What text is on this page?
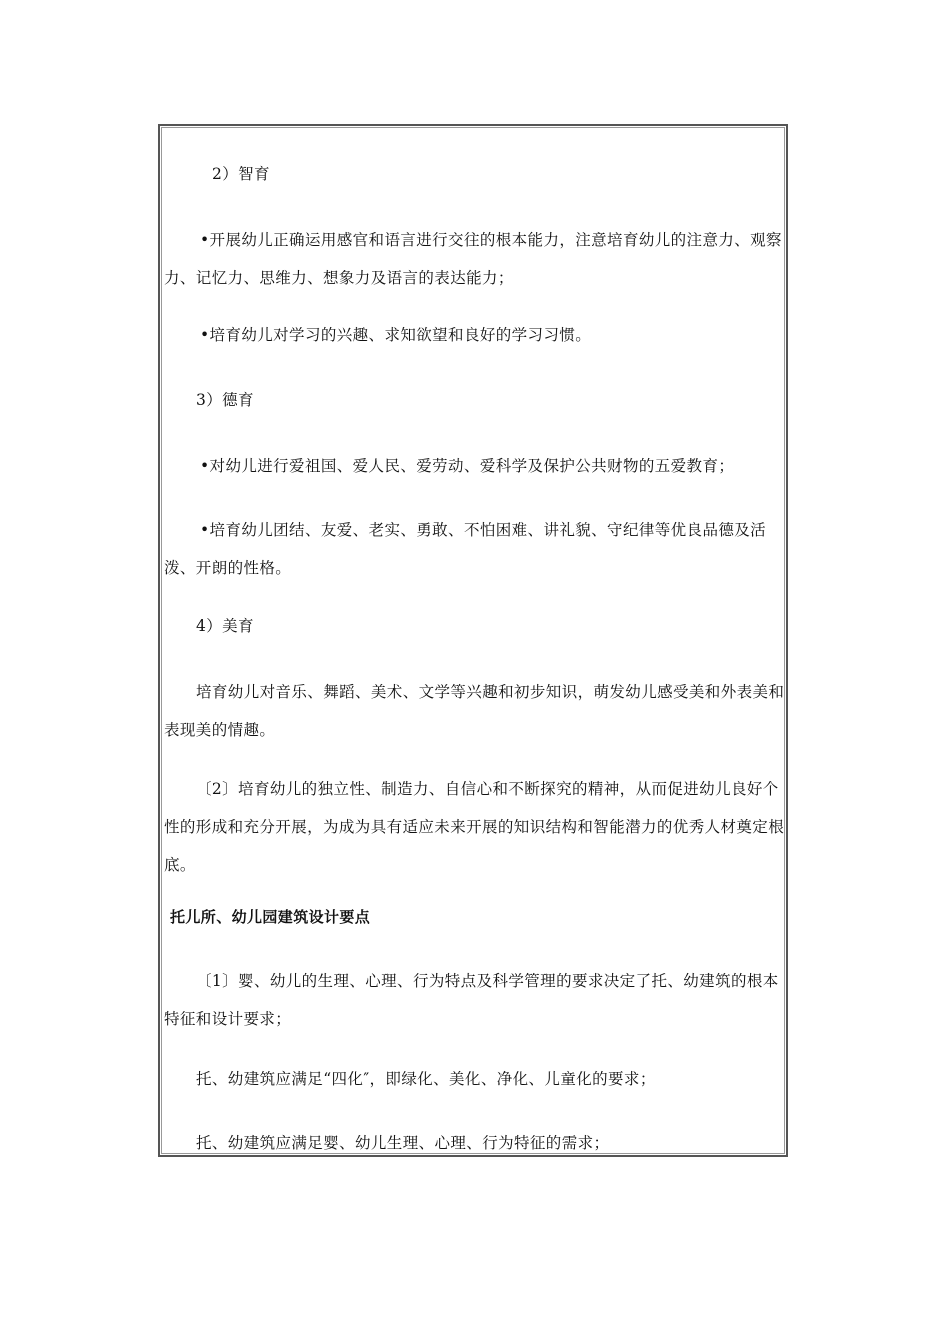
2）智育

•开展幼儿正确运用感官和语言进行交往的根本能力，注意培育幼儿的注意力、观察力、记忆力、思维力、想象力及语言的表达能力；

•培育幼儿对学习的兴趣、求知欲望和良好的学习习惯。

3）德育

•对幼儿进行爱祖国、爱人民、爱劳动、爱科学及保护公共财物的五爱教育；

•培育幼儿团结、友爱、老实、勇敢、不怕困难、讲礼貌、守纪律等优良品德及活泼、开朗的性格。

4）美育

培育幼儿对音乐、舞蹈、美术、文学等兴趣和初步知识，萌发幼儿感受美和外表美和表现美的情趣。

〔2〕培育幼儿的独立性、制造力、自信心和不断探究的精神，从而促进幼儿良好个性的形成和充分开展，为成为具有适应未来开展的知识结构和智能潜力的优秀人材奠定根底。

托儿所、幼儿园建筑设计要点

〔1〕婴、幼儿的生理、心理、行为特点及科学管理的要求决定了托、幼建筑的根本特征和设计要求；

托、幼建筑应满足“四化″，即绿化、美化、净化、儿童化的要求；

托、幼建筑应满足婴、幼儿生理、心理、行为特征的需求；
